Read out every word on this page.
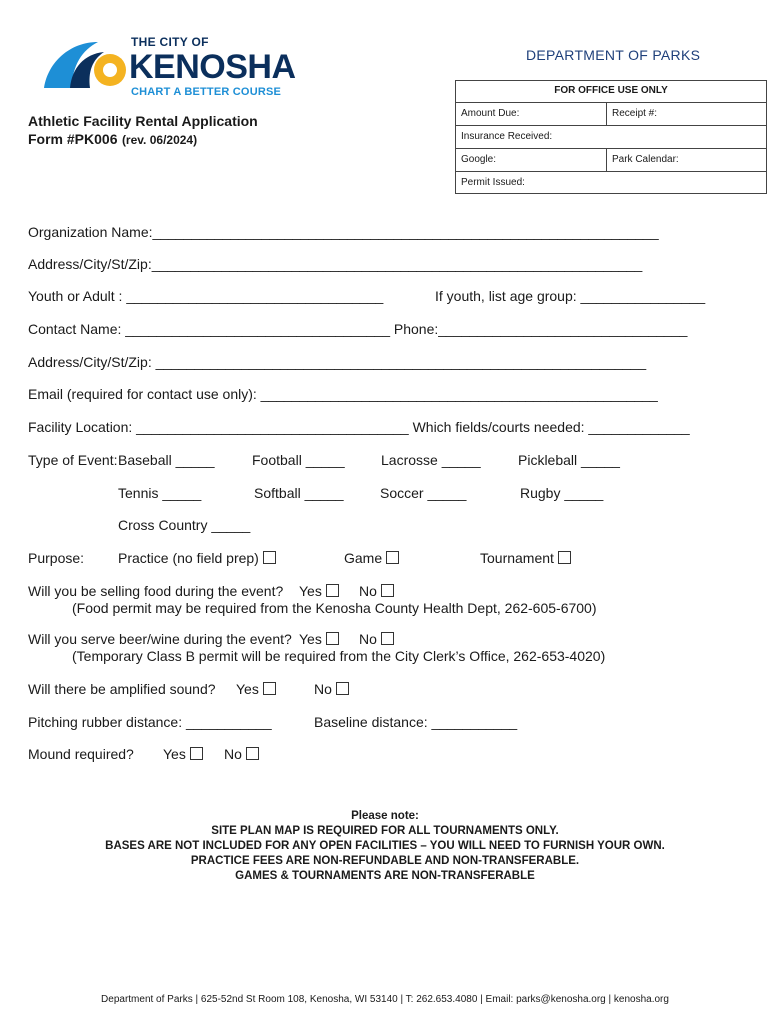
THE CITY OF
KENOSHA
CHART A BETTER COURSE
DEPARTMENT OF PARKS
FOR OFFICE USE ONLY
Amount Due:	Receipt #:
Insurance Received:
Google:	Park Calendar:
Permit Issued:
Athletic Facility Rental Application
Form #PK006 (rev. 06/2024)
Organization Name:_________________________________________________________________
Address/City/St/Zip:_______________________________________________________________
Youth or Adult : _________________________________	If youth, list age group: ________________
Contact Name: __________________________________ Phone:________________________________
Address/City/St/Zip: _______________________________________________________________
Email (required for contact use only): ___________________________________________________
Facility Location: ___________________________________ Which fields/courts needed: _____________
Type of Event: Baseball _____	Football _____	Lacrosse _____	Pickleball _____
Tennis _____	Softball _____	Soccer _____	Rugby _____
Cross Country _____
Purpose: Practice (no field prep)	Game	Tournament
Will you be selling food during the event? Yes	No
(Food permit may be required from the Kenosha County Health Dept, 262-605-6700)
Will you serve beer/wine during the event? Yes	No
(Temporary Class B permit will be required from the City Clerk’s Office, 262-653-4020)
Will there be amplified sound? Yes	No
Pitching rubber distance: ___________	Baseline distance: ___________
Mound required? Yes	No
Please note:
SITE PLAN MAP IS REQUIRED FOR ALL TOURNAMENTS ONLY.
BASES ARE NOT INCLUDED FOR ANY OPEN FACILITIES – YOU WILL NEED TO FURNISH YOUR OWN.
PRACTICE FEES ARE NON-REFUNDABLE AND NON-TRANSFERABLE.
GAMES & TOURNAMENTS ARE NON-TRANSFERABLE
Department of Parks | 625-52nd St Room 108, Kenosha, WI 53140 | T: 262.653.4080 | Email: parks@kenosha.org | kenosha.org
